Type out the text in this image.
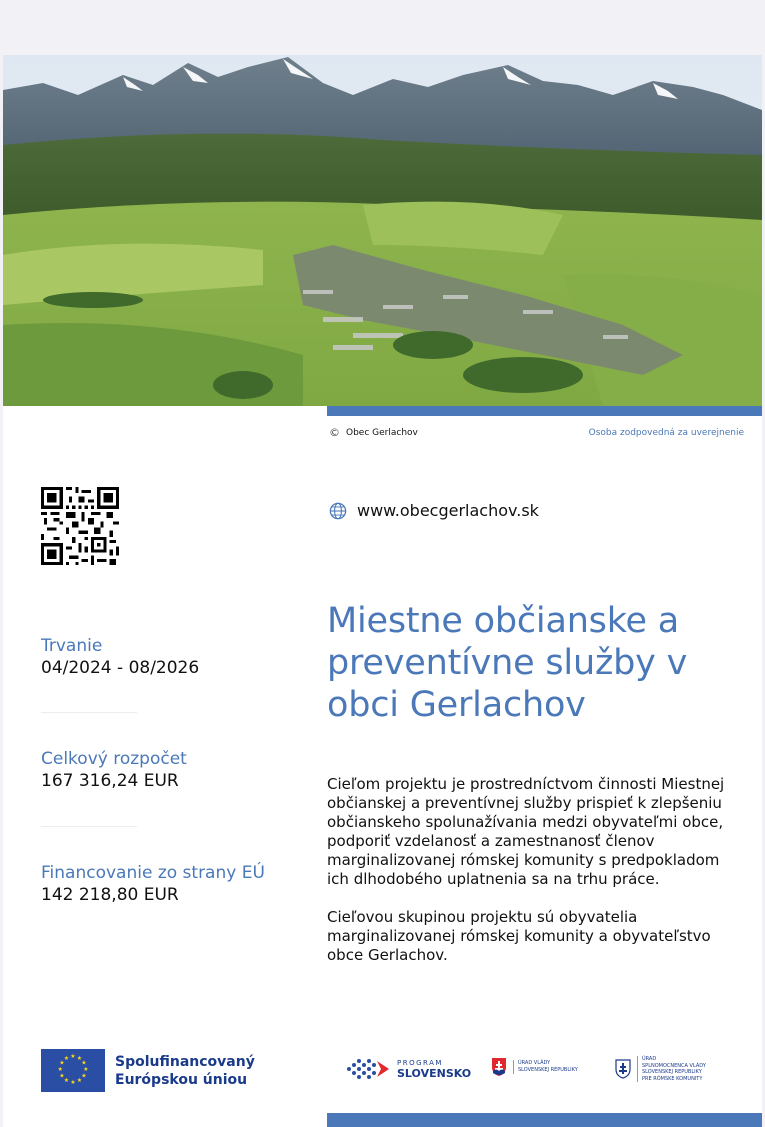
© Obec Gerlachov	Osoba zodpovedná za uverejnenie
www.obecgerlachov.sk
Miestne občianske a preventívne služby v obci Gerlachov
Trvanie
04/2024 - 08/2026
Celkový rozpočet
167 316,24 EUR
Financovanie zo strany EÚ
142 218,80 EUR

Cieľom projektu je prostredníctvom činnosti Miestnej občianskej a preventívnej služby prispieť k zlepšeniu občianskeho spolunažívania medzi obyvateľmi obce, podporiť vzdelanosť a zamestnanosť členov marginalizovanej rómskej komunity s predpokladom ich dlhodobého uplatnenia sa na trhu práce.

Cieľovou skupinou projektu sú obyvatelia marginalizovanej rómskej komunity a obyvateľstvo obce Gerlachov.

★ ★
★
★
★
★
★
★
★
★
★
★	Spolufinancovaný
Európskou úniou
PROGRAM
SLOVENSKO
ÚRAD VLÁDY
SLOVENSKEJ REPUBLIKY
ÚRAD
SPLNOMOCNENCA VLÁDY
SLOVENSKEJ REPUBLIKY
PRE RÓMSKE KOMUNITY
